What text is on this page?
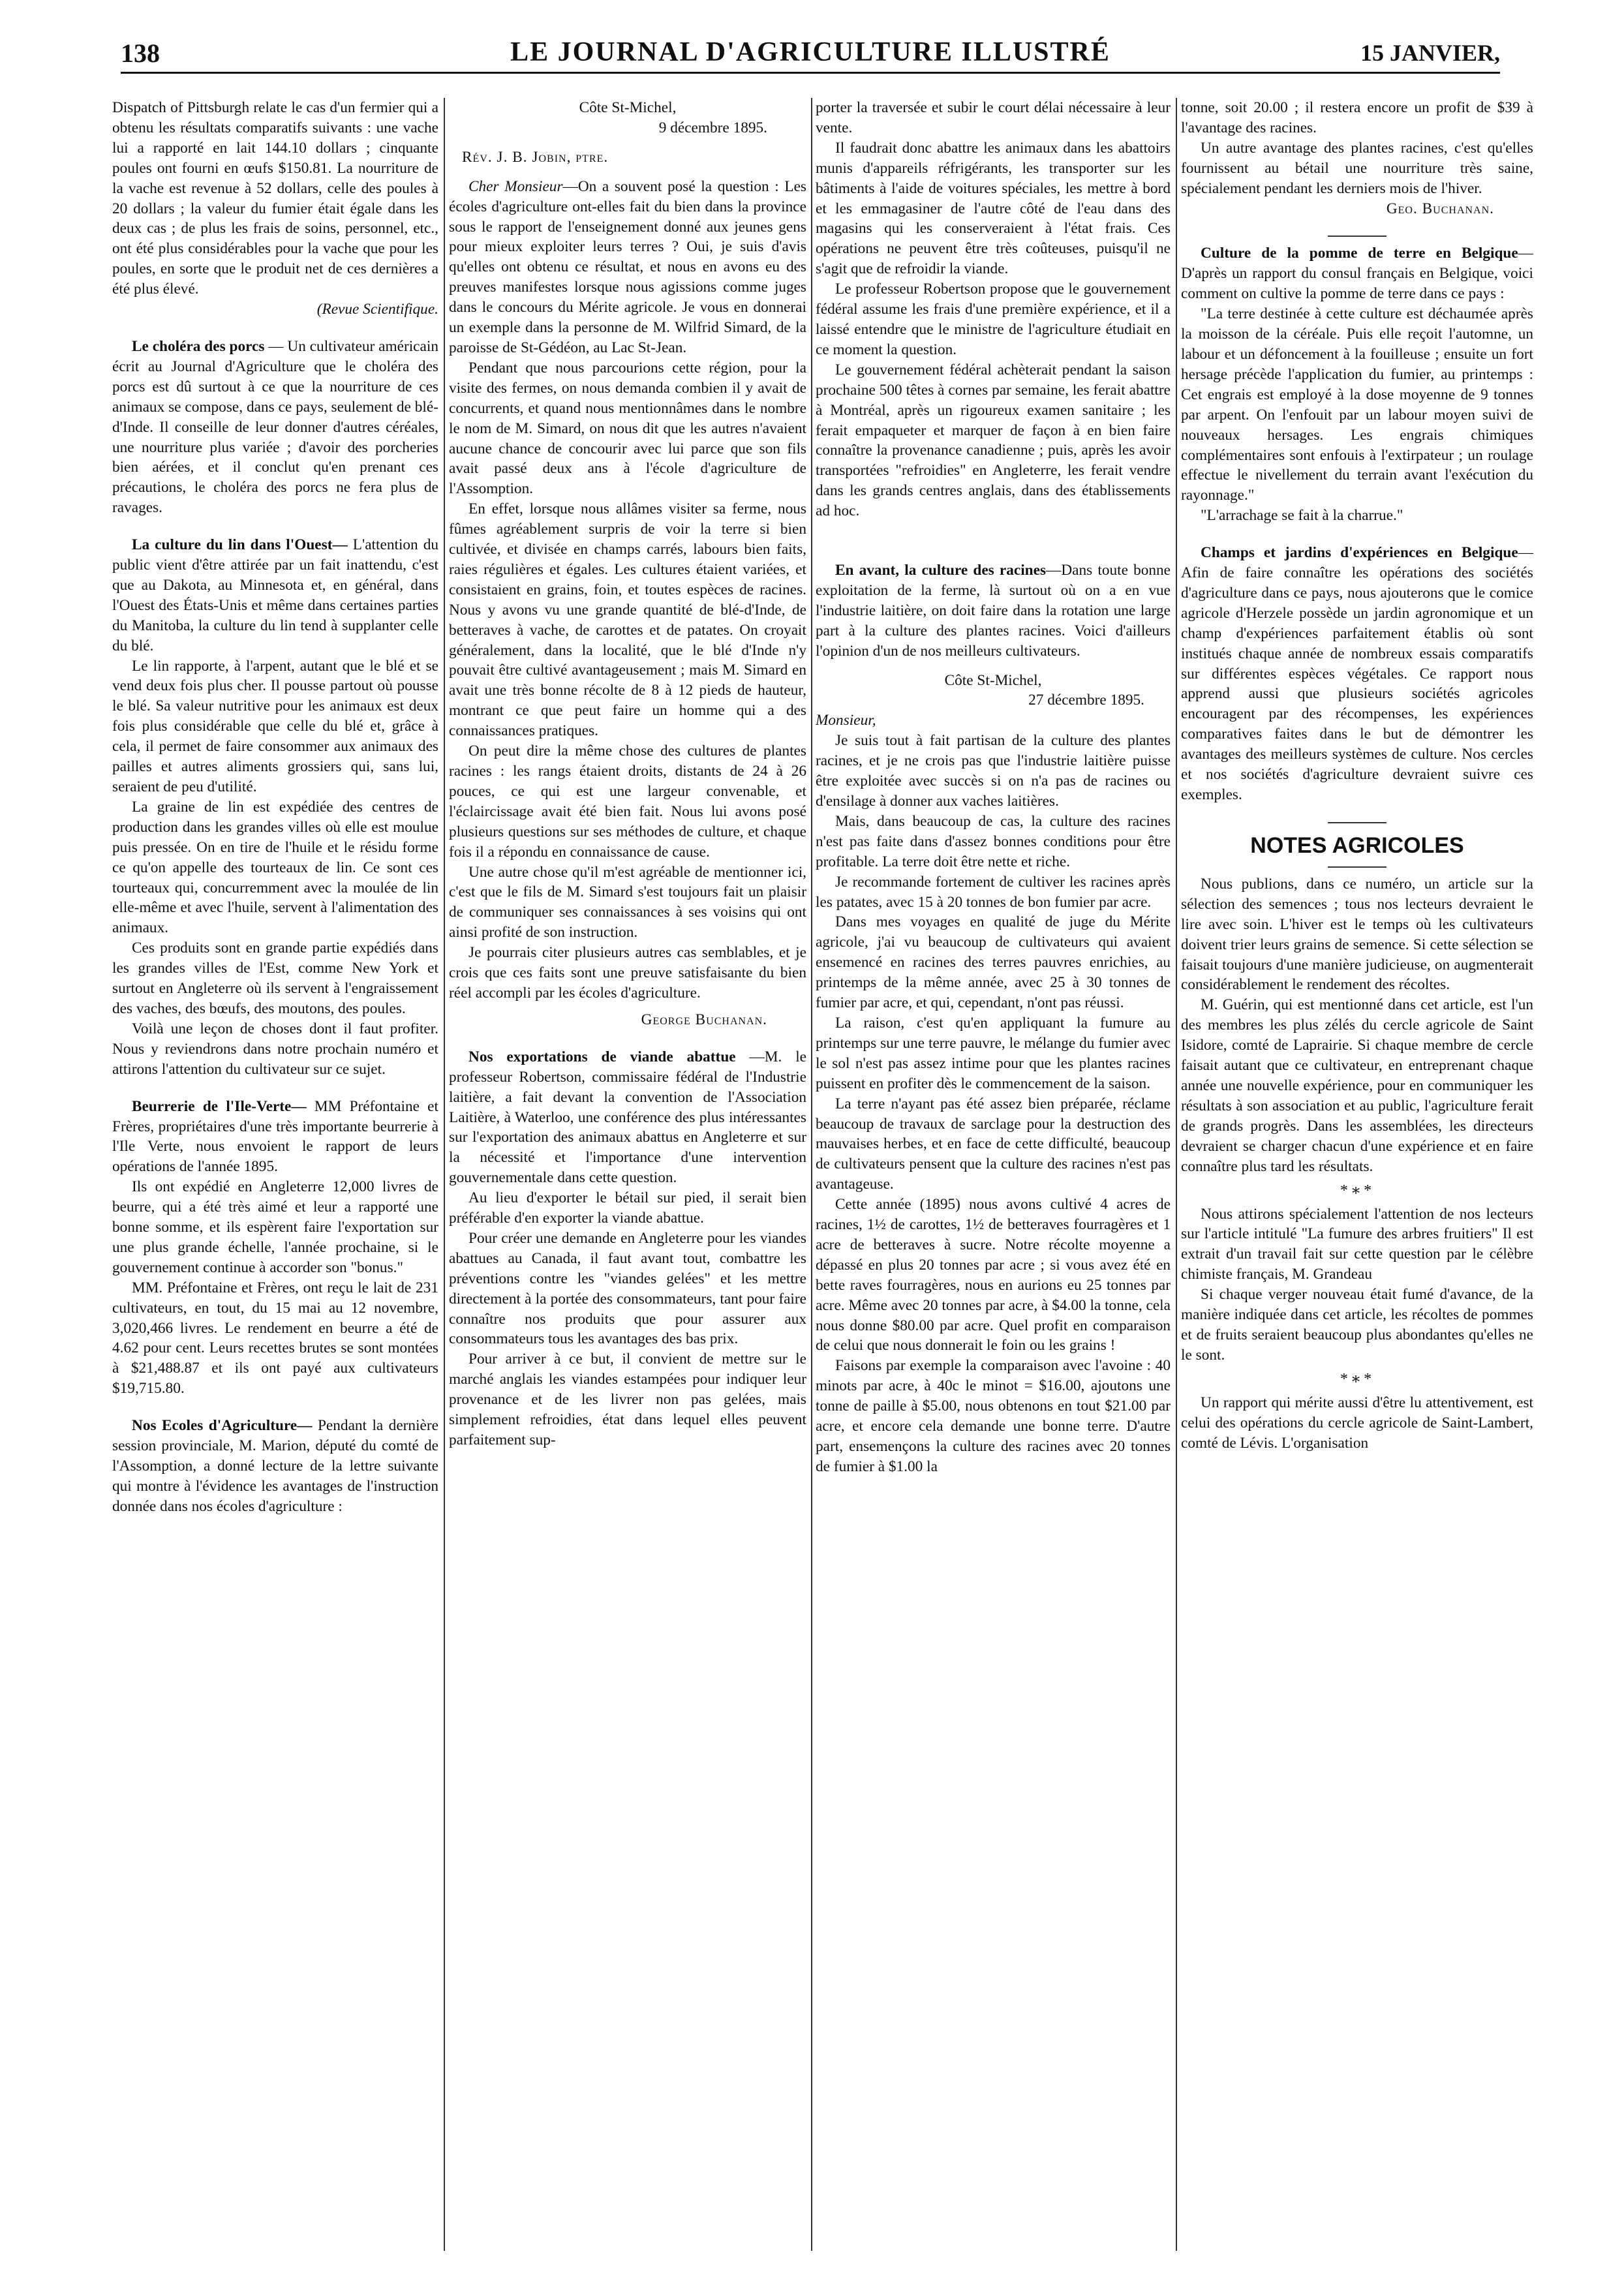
138	LE JOURNAL D'AGRICULTURE ILLUSTRÉ	15 JANVIER,

Dispatch of Pittsburgh relate le cas d'un fermier qui a obtenu les résultats comparatifs suivants : une vache lui a rapporté en lait 144.10 dollars ; cinquante poules ont fourni en œufs $150.81. La nourriture de la vache est revenue à 52 dollars, celle des poules à 20 dollars ; la valeur du fumier était égale dans les deux cas ; de plus les frais de soins, personnel, etc., ont été plus considérables pour la vache que pour les poules, en sorte que le produit net de ces dernières a été plus élevé.

(Revue Scientifique.

Le choléra des porcs — Un cultivateur américain écrit au Journal d'Agriculture que le choléra des porcs est dû surtout à ce que la nourriture de ces animaux se compose, dans ce pays, seulement de blé-d'Inde. Il conseille de leur donner d'autres céréales, une nourriture plus variée ; d'avoir des porcheries bien aérées, et il conclut qu'en prenant ces précautions, le choléra des porcs ne fera plus de ravages.

La culture du lin dans l'Ouest— L'attention du public vient d'être attirée par un fait inattendu, c'est que au Dakota, au Minnesota et, en général, dans l'Ouest des États-Unis et même dans certaines parties du Manitoba, la culture du lin tend à supplanter celle du blé.

Le lin rapporte, à l'arpent, autant que le blé et se vend deux fois plus cher. Il pousse partout où pousse le blé. Sa valeur nutritive pour les animaux est deux fois plus considérable que celle du blé et, grâce à cela, il permet de faire consommer aux animaux des pailles et autres aliments grossiers qui, sans lui, seraient de peu d'utilité.

La graine de lin est expédiée des centres de production dans les grandes villes où elle est moulue puis pressée. On en tire de l'huile et le résidu forme ce qu'on appelle des tourteaux de lin. Ce sont ces tourteaux qui, concurremment avec la moulée de lin elle-même et avec l'huile, servent à l'alimentation des animaux.

Ces produits sont en grande partie expédiés dans les grandes villes de l'Est, comme New York et surtout en Angleterre où ils servent à l'engraissement des vaches, des bœufs, des moutons, des poules.

Voilà une leçon de choses dont il faut profiter. Nous y reviendrons dans notre prochain numéro et attirons l'attention du cultivateur sur ce sujet.

Beurrerie de l'Ile-Verte— MM Préfontaine et Frères, propriétaires d'une très importante beurrerie à l'Ile Verte, nous envoient le rapport de leurs opérations de l'année 1895.

Ils ont expédié en Angleterre 12,000 livres de beurre, qui a été très aimé et leur a rapporté une bonne somme, et ils espèrent faire l'exportation sur une plus grande échelle, l'année prochaine, si le gouvernement continue à accorder son "bonus."

MM. Préfontaine et Frères, ont reçu le lait de 231 cultivateurs, en tout, du 15 mai au 12 novembre, 3,020,466 livres. Le rendement en beurre a été de 4.62 pour cent. Leurs recettes brutes se sont montées à $21,488.87 et ils ont payé aux cultivateurs $19,715.80.

Nos Ecoles d'Agriculture— Pendant la dernière session provinciale, M. Marion, député du comté de l'Assomption, a donné lecture de la lettre suivante qui montre à l'évidence les avantages de l'instruction donnée dans nos écoles d'agriculture :

Côte St-Michel,

9 décembre 1895.

Rév. J. B. Jobin, ptre.

Cher Monsieur—On a souvent posé la question : Les écoles d'agriculture ont-elles fait du bien dans la province sous le rapport de l'enseignement donné aux jeunes gens pour mieux exploiter leurs terres ? Oui, je suis d'avis qu'elles ont obtenu ce résultat, et nous en avons eu des preuves manifestes lorsque nous agissions comme juges dans le concours du Mérite agricole. Je vous en donnerai un exemple dans la personne de M. Wilfrid Simard, de la paroisse de St-Gédéon, au Lac St-Jean.

Pendant que nous parcourions cette région, pour la visite des fermes, on nous demanda combien il y avait de concurrents, et quand nous mentionnâmes dans le nombre le nom de M. Simard, on nous dit que les autres n'avaient aucune chance de concourir avec lui parce que son fils avait passé deux ans à l'école d'agriculture de l'Assomption.

En effet, lorsque nous allâmes visiter sa ferme, nous fûmes agréablement surpris de voir la terre si bien cultivée, et divisée en champs carrés, labours bien faits, raies régulières et égales. Les cultures étaient variées, et consistaient en grains, foin, et toutes espèces de racines. Nous y avons vu une grande quantité de blé-d'Inde, de betteraves à vache, de carottes et de patates. On croyait généralement, dans la localité, que le blé d'Inde n'y pouvait être cultivé avantageusement ; mais M. Simard en avait une très bonne récolte de 8 à 12 pieds de hauteur, montrant ce que peut faire un homme qui a des connaissances pratiques.

On peut dire la même chose des cultures de plantes racines : les rangs étaient droits, distants de 24 à 26 pouces, ce qui est une largeur convenable, et l'éclaircissage avait été bien fait. Nous lui avons posé plusieurs questions sur ses méthodes de culture, et chaque fois il a répondu en connaissance de cause.

Une autre chose qu'il m'est agréable de mentionner ici, c'est que le fils de M. Simard s'est toujours fait un plaisir de communiquer ses connaissances à ses voisins qui ont ainsi profité de son instruction.

Je pourrais citer plusieurs autres cas semblables, et je crois que ces faits sont une preuve satisfaisante du bien réel accompli par les écoles d'agriculture.

George Buchanan.

Nos exportations de viande abattue —M. le professeur Robertson, commissaire fédéral de l'Industrie laitière, a fait devant la convention de l'Association Laitière, à Waterloo, une conférence des plus intéressantes sur l'exportation des animaux abattus en Angleterre et sur la nécessité et l'importance d'une intervention gouvernementale dans cette question.

Au lieu d'exporter le bétail sur pied, il serait bien préférable d'en exporter la viande abattue.

Pour créer une demande en Angleterre pour les viandes abattues au Canada, il faut avant tout, combattre les préventions contre les "viandes gelées" et les mettre directement à la portée des consommateurs, tant pour faire connaître nos produits que pour assurer aux consommateurs tous les avantages des bas prix.

Pour arriver à ce but, il convient de mettre sur le marché anglais les viandes estampées pour indiquer leur provenance et de les livrer non pas gelées, mais simplement refroidies, état dans lequel elles peuvent parfaitement sup-

porter la traversée et subir le court délai nécessaire à leur vente.

Il faudrait donc abattre les animaux dans les abattoirs munis d'appareils réfrigérants, les transporter sur les bâtiments à l'aide de voitures spéciales, les mettre à bord et les emmagasiner de l'autre côté de l'eau dans des magasins qui les conserveraient à l'état frais. Ces opérations ne peuvent être très coûteuses, puisqu'il ne s'agit que de refroidir la viande.

Le professeur Robertson propose que le gouvernement fédéral assume les frais d'une première expérience, et il a laissé entendre que le ministre de l'agriculture étudiait en ce moment la question.

Le gouvernement fédéral achèterait pendant la saison prochaine 500 têtes à cornes par semaine, les ferait abattre à Montréal, après un rigoureux examen sanitaire ; les ferait empaqueter et marquer de façon à en bien faire connaître la provenance canadienne ; puis, après les avoir transportées "refroidies" en Angleterre, les ferait vendre dans les grands centres anglais, dans des établissements ad hoc.

En avant, la culture des racines—Dans toute bonne exploitation de la ferme, là surtout où on a en vue l'industrie laitière, on doit faire dans la rotation une large part à la culture des plantes racines. Voici d'ailleurs l'opinion d'un de nos meilleurs cultivateurs.

Côte St-Michel,

27 décembre 1895.

Monsieur,

Je suis tout à fait partisan de la culture des plantes racines, et je ne crois pas que l'industrie laitière puisse être exploitée avec succès si on n'a pas de racines ou d'ensilage à donner aux vaches laitières.

Mais, dans beaucoup de cas, la culture des racines n'est pas faite dans d'assez bonnes conditions pour être profitable. La terre doit être nette et riche.

Je recommande fortement de cultiver les racines après les patates, avec 15 à 20 tonnes de bon fumier par acre.

Dans mes voyages en qualité de juge du Mérite agricole, j'ai vu beaucoup de cultivateurs qui avaient ensemencé en racines des terres pauvres enrichies, au printemps de la même année, avec 25 à 30 tonnes de fumier par acre, et qui, cependant, n'ont pas réussi.

La raison, c'est qu'en appliquant la fumure au printemps sur une terre pauvre, le mélange du fumier avec le sol n'est pas assez intime pour que les plantes racines puissent en profiter dès le commencement de la saison.

La terre n'ayant pas été assez bien préparée, réclame beaucoup de travaux de sarclage pour la destruction des mauvaises herbes, et en face de cette difficulté, beaucoup de cultivateurs pensent que la culture des racines n'est pas avantageuse.

Cette année (1895) nous avons cultivé 4 acres de racines, 1½ de carottes, 1½ de betteraves fourragères et 1 acre de betteraves à sucre. Notre récolte moyenne a dépassé en plus 20 tonnes par acre ; si vous avez été en bette raves fourragères, nous en aurions eu 25 tonnes par acre. Même avec 20 tonnes par acre, à $4.00 la tonne, cela nous donne $80.00 par acre. Quel profit en comparaison de celui que nous donnerait le foin ou les grains !

Faisons par exemple la comparaison avec l'avoine : 40 minots par acre, à 40c le minot = $16.00, ajoutons une tonne de paille à $5.00, nous obtenons en tout $21.00 par acre, et encore cela demande une bonne terre. D'autre part, ensemençons la culture des racines avec 20 tonnes de fumier à $1.00 la

tonne, soit 20.00 ; il restera encore un profit de $39 à l'avantage des racines.

Un autre avantage des plantes racines, c'est qu'elles fournissent au bétail une nourriture très saine, spécialement pendant les derniers mois de l'hiver.

Geo. Buchanan.

Culture de la pomme de terre en Belgique— D'après un rapport du consul français en Belgique, voici comment on cultive la pomme de terre dans ce pays :

"La terre destinée à cette culture est déchaumée après la moisson de la céréale. Puis elle reçoit l'automne, un labour et un défoncement à la fouilleuse ; ensuite un fort hersage précède l'application du fumier, au printemps : Cet engrais est employé à la dose moyenne de 9 tonnes par arpent. On l'enfouit par un labour moyen suivi de nouveaux hersages. Les engrais chimiques complémentaires sont enfouis à l'extirpateur ; un roulage effectue le nivellement du terrain avant l'exécution du rayonnage."

"L'arrachage se fait à la charrue."

Champs et jardins d'expériences en Belgique—Afin de faire connaître les opérations des sociétés d'agriculture dans ce pays, nous ajouterons que le comice agricole d'Herzele possède un jardin agronomique et un champ d'expériences parfaitement établis où sont institués chaque année de nombreux essais comparatifs sur différentes espèces végétales. Ce rapport nous apprend aussi que plusieurs sociétés agricoles encouragent par des récompenses, les expériences comparatives faites dans le but de démontrer les avantages des meilleurs systèmes de culture. Nos cercles et nos sociétés d'agriculture devraient suivre ces exemples.

NOTES AGRICOLES

Nous publions, dans ce numéro, un article sur la sélection des semences ; tous nos lecteurs devraient le lire avec soin. L'hiver est le temps où les cultivateurs doivent trier leurs grains de semence. Si cette sélection se faisait toujours d'une manière judicieuse, on augmenterait considérablement le rendement des récoltes.

M. Guérin, qui est mentionné dans cet article, est l'un des membres les plus zélés du cercle agricole de Saint Isidore, comté de Laprairie. Si chaque membre de cercle faisait autant que ce cultivateur, en entreprenant chaque année une nouvelle expérience, pour en communiquer les résultats à son association et au public, l'agriculture ferait de grands progrès. Dans les assemblées, les directeurs devraient se charger chacun d'une expérience et en faire connaître plus tard les résultats.

*∗*

Nous attirons spécialement l'attention de nos lecteurs sur l'article intitulé "La fumure des arbres fruitiers" Il est extrait d'un travail fait sur cette question par le célèbre chimiste français, M. Grandeau

Si chaque verger nouveau était fumé d'avance, de la manière indiquée dans cet article, les récoltes de pommes et de fruits seraient beaucoup plus abondantes qu'elles ne le sont.

*∗*

Un rapport qui mérite aussi d'être lu attentivement, est celui des opérations du cercle agricole de Saint-Lambert, comté de Lévis. L'organisation
